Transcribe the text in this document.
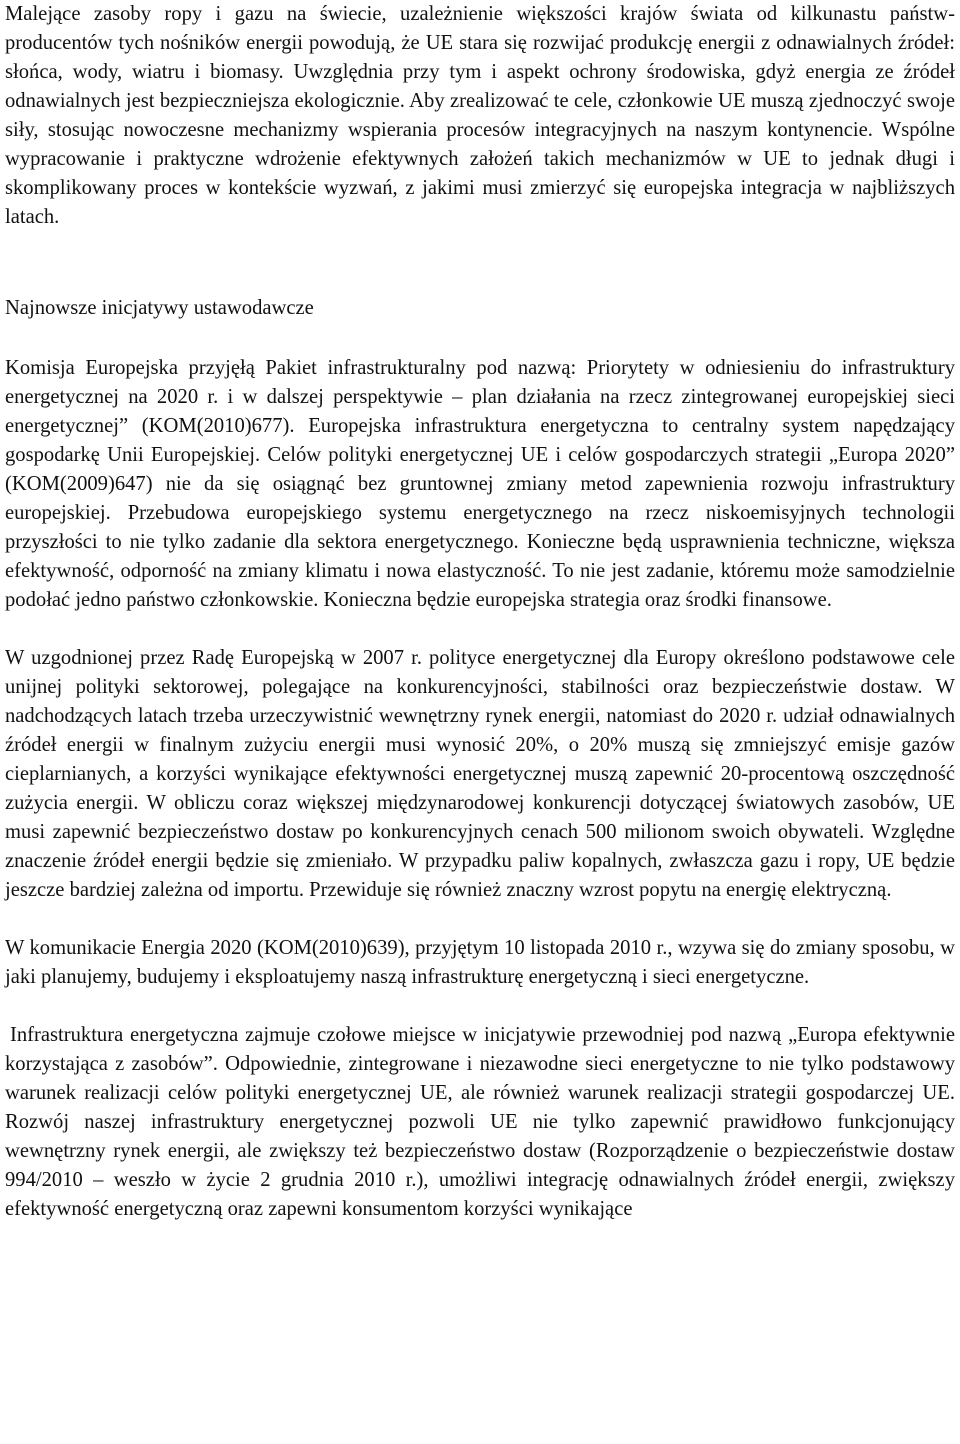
Malejące zasoby ropy i gazu na świecie, uzależnienie większości krajów świata od kilkunastu państw-producentów tych nośników energii powodują, że UE stara się rozwijać produkcję energii z odnawialnych źródeł: słońca, wody, wiatru i biomasy. Uwzględnia przy tym i aspekt ochrony środowiska, gdyż energia ze źródeł odnawialnych jest bezpieczniejsza ekologicznie. Aby zrealizować te cele, członkowie UE muszą zjednoczyć swoje siły, stosując nowoczesne mechanizmy wspierania procesów integracyjnych na naszym kontynencie. Wspólne wypracowanie i praktyczne wdrożenie efektywnych założeń takich mechanizmów w UE to jednak długi i skomplikowany proces w kontekście wyzwań, z jakimi musi zmierzyć się europejska integracja w najbliższych latach.

Najnowsze inicjatywy ustawodawcze

Komisja Europejska przyjęłą Pakiet infrastrukturalny pod nazwą: Priorytety w odniesieniu do infrastruktury energetycznej na 2020 r. i w dalszej perspektywie – plan działania na rzecz zintegrowanej europejskiej sieci energetycznej” (KOM(2010)677). Europejska infrastruktura energetyczna to centralny system napędzający gospodarkę Unii Europejskiej. Celów polityki energetycznej UE i celów gospodarczych strategii „Europa 2020” (KOM(2009)647) nie da się osiągnąć bez gruntownej zmiany metod zapewnienia rozwoju infrastruktury europejskiej. Przebudowa europejskiego systemu energetycznego na rzecz niskoemisyjnych technologii przyszłości to nie tylko zadanie dla sektora energetycznego. Konieczne będą usprawnienia techniczne, większa efektywność, odporność na zmiany klimatu i nowa elastyczność. To nie jest zadanie, któremu może samodzielnie podołać jedno państwo członkowskie. Konieczna będzie europejska strategia oraz środki finansowe.

W uzgodnionej przez Radę Europejską w 2007 r. polityce energetycznej dla Europy określono podstawowe cele unijnej polityki sektorowej, polegające na konkurencyjności, stabilności oraz bezpieczeństwie dostaw. W nadchodzących latach trzeba urzeczywistnić wewnętrzny rynek energii, natomiast do 2020 r. udział odnawialnych źródeł energii w finalnym zużyciu energii musi wynosić 20%, o 20% muszą się zmniejszyć emisje gazów cieplarnianych, a korzyści wynikające efektywności energetycznej muszą zapewnić 20-procentową oszczędność zużycia energii. W obliczu coraz większej międzynarodowej konkurencji dotyczącej światowych zasobów, UE musi zapewnić bezpieczeństwo dostaw po konkurencyjnych cenach 500 milionom swoich obywateli. Względne znaczenie źródeł energii będzie się zmieniało. W przypadku paliw kopalnych, zwłaszcza gazu i ropy, UE będzie jeszcze bardziej zależna od importu. Przewiduje się również znaczny wzrost popytu na energię elektryczną.

W komunikacie Energia 2020 (KOM(2010)639), przyjętym 10 listopada 2010 r., wzywa się do zmiany sposobu, w jaki planujemy, budujemy i eksploatujemy naszą infrastrukturę energetyczną i sieci energetyczne.

Infrastruktura energetyczna zajmuje czołowe miejsce w inicjatywie przewodniej pod nazwą „Europa efektywnie korzystająca z zasobów”. Odpowiednie, zintegrowane i niezawodne sieci energetyczne to nie tylko podstawowy warunek realizacji celów polityki energetycznej UE, ale również warunek realizacji strategii gospodarczej UE. Rozwój naszej infrastruktury energetycznej pozwoli UE nie tylko zapewnić prawidłowo funkcjonujący wewnętrzny rynek energii, ale zwiększy też bezpieczeństwo dostaw (Rozporządzenie o bezpieczeństwie dostaw 994/2010 – weszło w życie 2 grudnia 2010 r.), umożliwi integrację odnawialnych źródeł energii, zwiększy efektywność energetyczną oraz zapewni konsumentom korzyści wynikające
